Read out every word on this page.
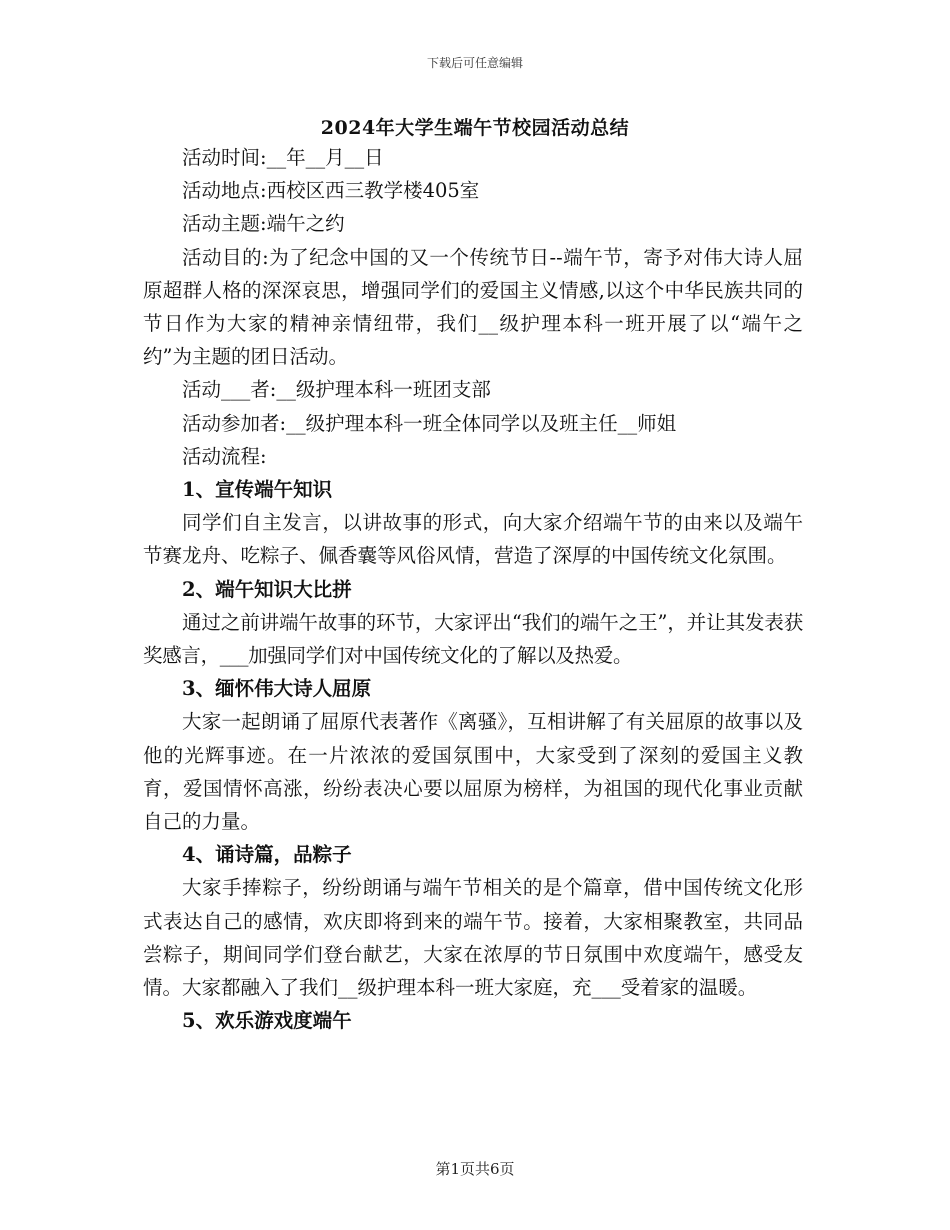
下载后可任意编辑
2024年大学生端午节校园活动总结

活动时间:__年__月__日

活动地点:西校区西三教学楼405室

活动主题:端午之约

活动目的:为了纪念中国的又一个传统节日--端午节，寄予对伟大诗人屈原超群人格的深深哀思，增强同学们的爱国主义情感,以这个中华民族共同的节日作为大家的精神亲情纽带，我们__级护理本科一班开展了以“端午之约”为主题的团日活动。

活动___者:__级护理本科一班团支部

活动参加者:__级护理本科一班全体同学以及班主任__师姐

活动流程:

1、宣传端午知识

同学们自主发言，以讲故事的形式，向大家介绍端午节的由来以及端午节赛龙舟、吃粽子、佩香囊等风俗风情，营造了深厚的中国传统文化氛围。

2、端午知识大比拼

通过之前讲端午故事的环节，大家评出“我们的端午之王”，并让其发表获奖感言，___加强同学们对中国传统文化的了解以及热爱。

3、缅怀伟大诗人屈原

大家一起朗诵了屈原代表著作《离骚》，互相讲解了有关屈原的故事以及他的光辉事迹。在一片浓浓的爱国氛围中，大家受到了深刻的爱国主义教育，爱国情怀高涨，纷纷表决心要以屈原为榜样，为祖国的现代化事业贡献自己的力量。

4、诵诗篇，品粽子

大家手捧粽子，纷纷朗诵与端午节相关的是个篇章，借中国传统文化形式表达自己的感情，欢庆即将到来的端午节。接着，大家相聚教室，共同品尝粽子，期间同学们登台献艺，大家在浓厚的节日氛围中欢度端午，感受友情。大家都融入了我们__级护理本科一班大家庭，充___受着家的温暖。

5、欢乐游戏度端午
第1页共6页
